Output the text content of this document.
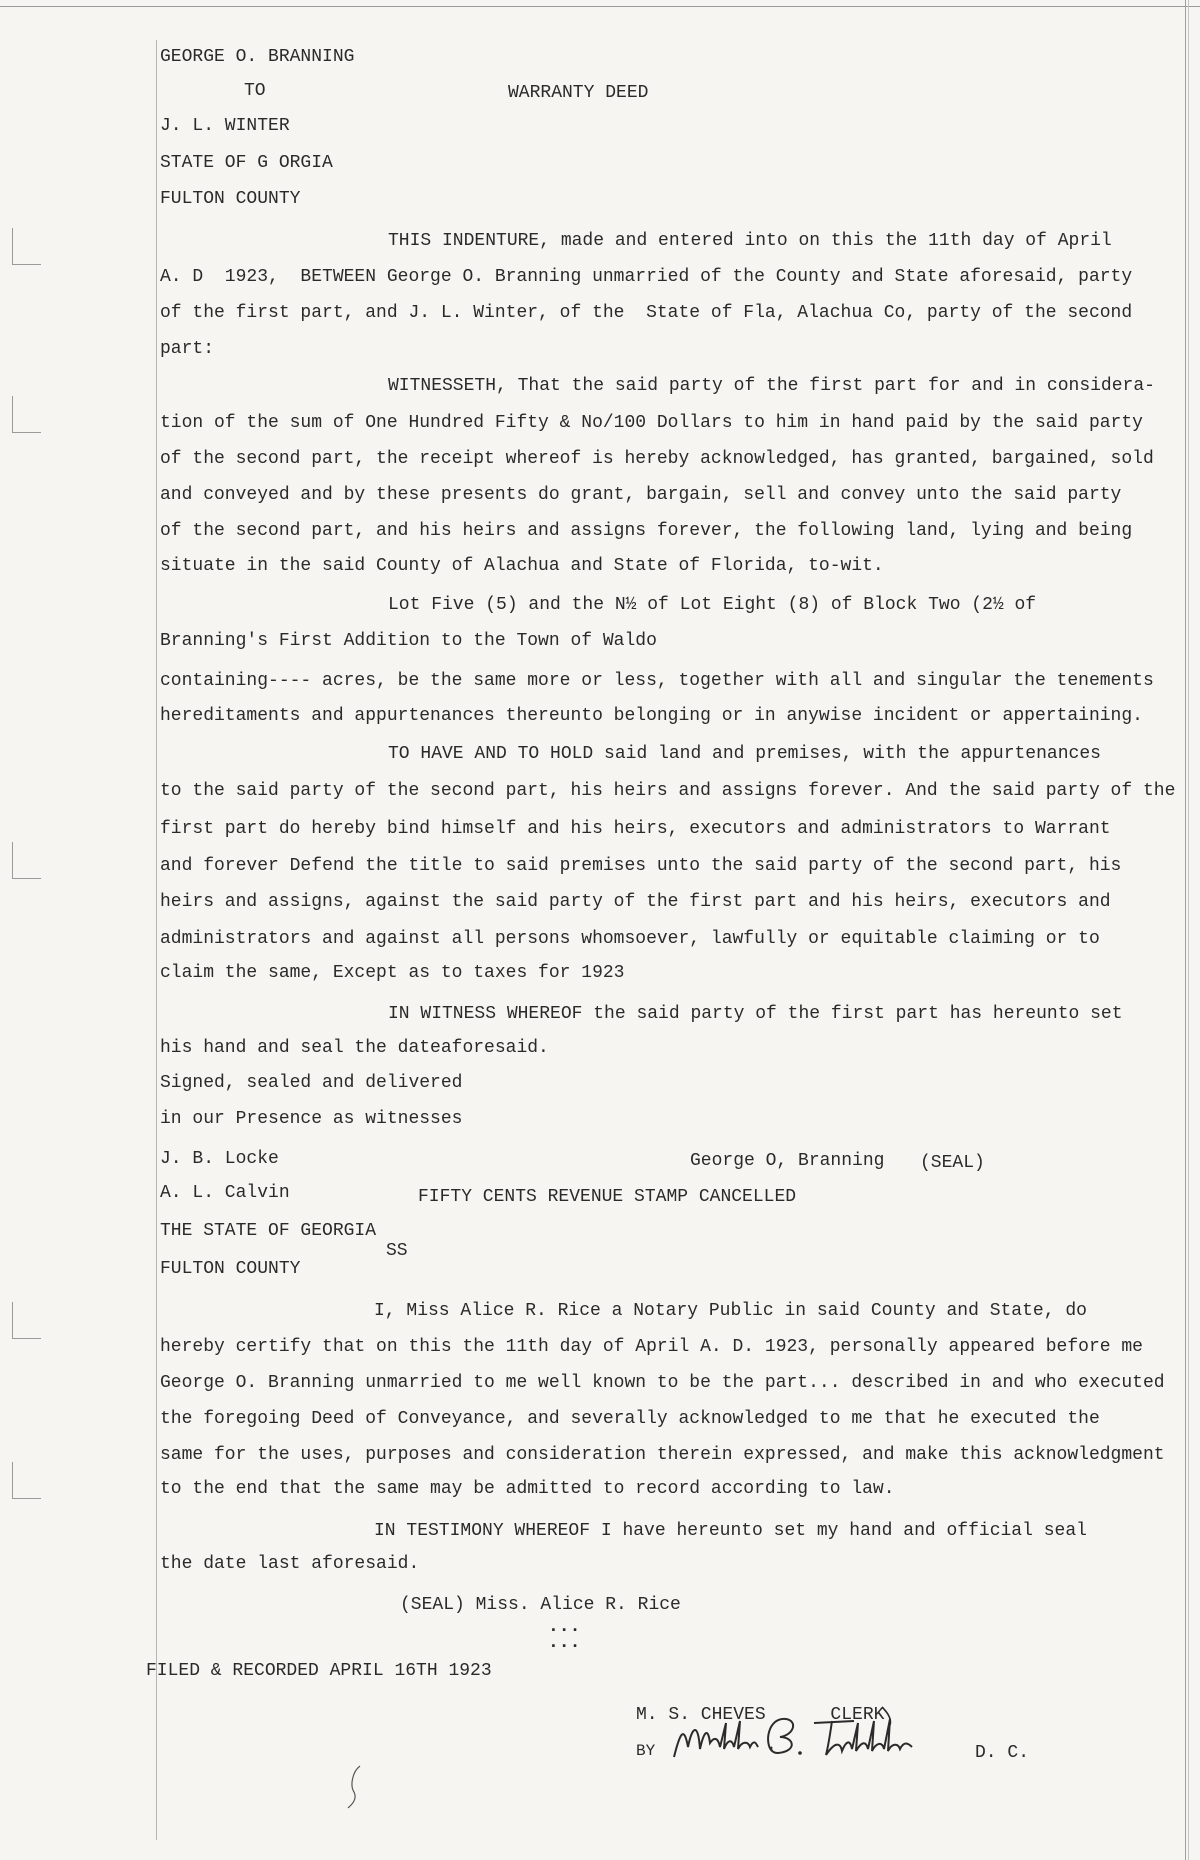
GEORGE O. BRANNING
TO	WARRANTY DEED
J. L. WINTER
STATE OF G ORGIA
FULTON COUNTY
THIS INDENTURE, made and entered into on this the 11th day of April
A. D  1923,  BETWEEN George O. Branning unmarried of the County and State aforesaid, party
of the first part, and J. L. Winter, of the  State of Fla, Alachua Co, party of the second
part:
WITNESSETH, That the said party of the first part for and in considera-
tion of the sum of One Hundred Fifty & No/100 Dollars to him in hand paid by the said party
of the second part, the receipt whereof is hereby acknowledged, has granted, bargained, sold
and conveyed and by these presents do grant, bargain, sell and convey unto the said party
of the second part, and his heirs and assigns forever, the following land, lying and being
situate in the said County of Alachua and State of Florida, to-wit.
Lot Five (5) and the N½ of Lot Eight (8) of Block Two (2½ of
Branning's First Addition to the Town of Waldo
containing---- acres, be the same more or less, together with all and singular the tenements
hereditaments and appurtenances thereunto belonging or in anywise incident or appertaining.
TO HAVE AND TO HOLD said land and premises, with the appurtenances
to the said party of the second part, his heirs and assigns forever. And the said party of the
first part do hereby bind himself and his heirs, executors and administrators to Warrant
and forever Defend the title to said premises unto the said party of the second part, his
heirs and assigns, against the said party of the first part and his heirs, executors and
administrators and against all persons whomsoever, lawfully or equitable claiming or to
claim the same, Except as to taxes for 1923
IN WITNESS WHEREOF the said party of the first part has hereunto set
his hand and seal the dateaforesaid.
Signed, sealed and delivered
in our Presence as witnesses
J. B. Locke	George O, Branning (SEAL)
A. L. Calvin	FIFTY CENTS REVENUE STAMP CANCELLED
THE STATE OF GEORGIA
SS
FULTON COUNTY
I, Miss Alice R. Rice a Notary Public in said County and State, do
hereby certify that on this the 11th day of April A. D. 1923, personally appeared before me
George O. Branning unmarried to me well known to be the part... described in and who executed
the foregoing Deed of Conveyance, and severally acknowledged to me that he executed the
same for the uses, purposes and consideration therein expressed, and make this acknowledgment
to the end that the same may be admitted to record according to law.
IN TESTIMONY WHEREOF I have hereunto set my hand and official seal
the date last aforesaid.
(SEAL) Miss. Alice R. Rice
...
...
FILED & RECORDED APRIL 16TH 1923
M. S. CHEVES      CLERK
BY	D. C.
